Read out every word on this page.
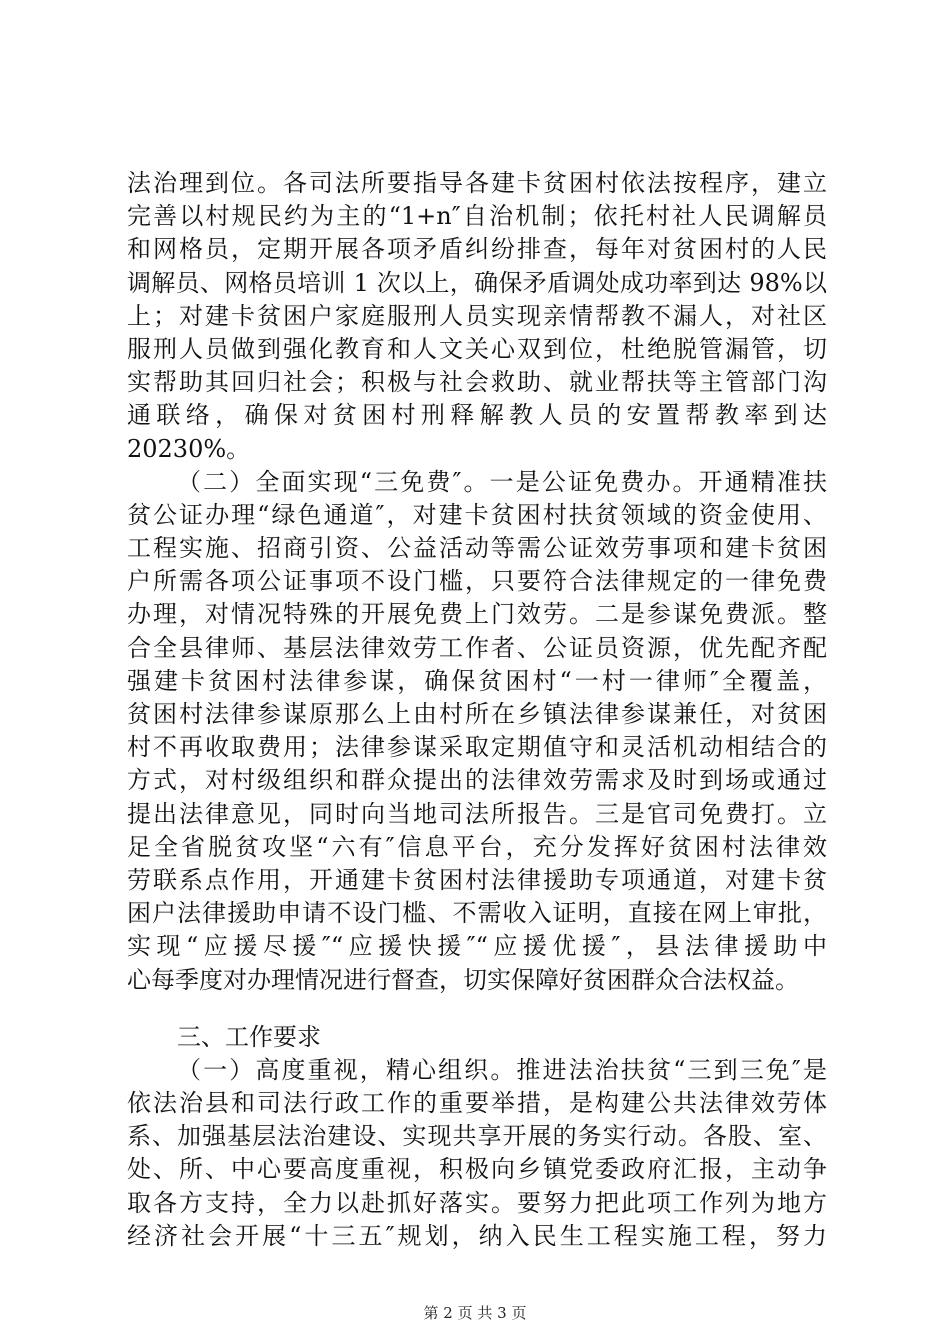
法治理到位。各司法所要指导各建卡贫困村依法按程序，建立
完善以村规民约为主的“1+n″自治机制；依托村社人民调解员
和网格员，定期开展各项矛盾纠纷排查，每年对贫困村的人民
调解员、网格员培训 1 次以上，确保矛盾调处成功率到达 98%以
上；对建卡贫困户家庭服刑人员实现亲情帮教不漏人，对社区
服刑人员做到强化教育和人文关心双到位，杜绝脱管漏管，切
实帮助其回归社会；积极与社会救助、就业帮扶等主管部门沟
通联络，确保对贫困村刑释解教人员的安置帮教率到达
20230%。
（二）全面实现“三免费″。一是公证免费办。开通精准扶
贫公证办理“绿色通道″，对建卡贫困村扶贫领域的资金使用、
工程实施、招商引资、公益活动等需公证效劳事项和建卡贫困
户所需各项公证事项不设门槛，只要符合法律规定的一律免费
办理，对情况特殊的开展免费上门效劳。二是参谋免费派。整
合全县律师、基层法律效劳工作者、公证员资源，优先配齐配
强建卡贫困村法律参谋，确保贫困村“一村一律师″全覆盖，
贫困村法律参谋原那么上由村所在乡镇法律参谋兼任，对贫困
村不再收取费用；法律参谋采取定期值守和灵活机动相结合的
方式，对村级组织和群众提出的法律效劳需求及时到场或通过
提出法律意见，同时向当地司法所报告。三是官司免费打。立
足全省脱贫攻坚“六有″信息平台，充分发挥好贫困村法律效
劳联系点作用，开通建卡贫困村法律援助专项通道，对建卡贫
困户法律援助申请不设门槛、不需收入证明，直接在网上审批，
实现“应援尽援″“应援快援″“应援优援″，县法律援助中
心每季度对办理情况进行督查，切实保障好贫困群众合法权益。
三、工作要求
（一）高度重视，精心组织。推进法治扶贫“三到三免″是
依法治县和司法行政工作的重要举措，是构建公共法律效劳体
系、加强基层法治建设、实现共享开展的务实行动。各股、室、
处、所、中心要高度重视，积极向乡镇党委政府汇报，主动争
取各方支持，全力以赴抓好落实。要努力把此项工作列为地方
经济社会开展“十三五″规划，纳入民生工程实施工程，努力
第 2 页 共 3 页
